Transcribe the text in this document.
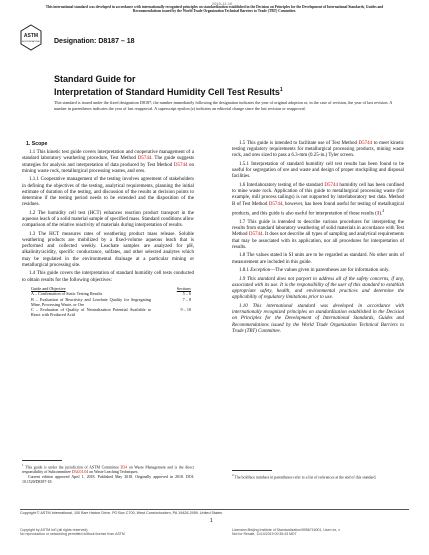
2019-11-10
This international standard was developed in accordance with internationally recognized principles on standardization established in the Decision on Principles for the Development of International Standards, Guides and Recommendations issued by the World Trade Organization Technical Barriers to Trade (TBT) Committee.
ASTM
ASTM INTERNATIONAL Designation: D8187 – 18
Standard Guide for
Interpretation of Standard Humidity Cell Test Results$^1$
This standard is issued under the fixed designation D8187; the number immediately following the designation indicates the year of original adoption or, in the case of revision, the year of last revision. A number in parentheses indicates the year of last reapproval. A superscript epsilon (ε) indicates an editorial change since the last revision or reapproval.

1. Scope

1.1 This kinetic test guide covers interpretation and cooperative management of a standard laboratory weathering procedure, Test Method D5744. The guide suggests strategies for analysis and interpretation of data produced by Test Method D5744 on mining waste rock, metallurgical processing wastes, and ores.

1.1.1 Cooperative management of the testing involves agreement of stakeholders in defining the objectives of the testing, analytical requirements, planning the initial estimate of duration of the testing, and discussion of the results at decision points to determine if the testing period needs to be extended and the disposition of the residues.

1.2 The humidity cell test (HCT) enhances reaction product transport in the aqueous leach of a solid material sample of specified mass. Standard conditions allow comparison of the relative reactivity of materials during interpretation of results.

1.3 The HCT measures rates of weathering product mass release. Soluble weathering products are mobilized by a fixed-volume aqueous leach that is performed and collected weekly. Leachate samples are analyzed for pH, alkalinity/acidity, specific conductance, sulfates, and other selected analytes which may be regulated in the environmental drainage at a particular mining or metallurgical processing site.

1.4 This guide covers the interpretation of standard humidity cell tests conducted to obtain results for the following objectives:

Guide and Objective	Sections
A – Confirmation of Static Testing Results	5 – 6
B – Evaluation of Reactivity and Leachate Quality for Segregating Mine, Processing Waste, or Ore
7 – 8
C – Evaluation of Quality of Neutralization Potential Available to React with Produced Acid
9 – 10
$^1$ This guide is under the jurisdiction of ASTM Committee D34 on Waste Management and is the direct responsibility of Subcommittee D34.01.04 on Waste Leaching Techniques.
Current edition approved April 1, 2018. Published May 2018. Originally approved in 2018. DOI: 10.1520/D8187-18.

1.5 This guide is intended to facilitate use of Test Method D5744 to meet kinetic testing regulatory requirements for metallurgical processing products, mining waste rock, and ores sized to pass a 6.3-mm (0.25-in.) Tyler screen.

1.5.1 Interpretation of standard humidity cell test results has been found to be useful for segregation of ore and waste and design of proper stockpiling and disposal facilities.

1.6 Interlaboratory testing of the standard D5744 humidity cell has been confined to mine waste rock. Application of this guide to metallurgical processing waste (for example, mill process tailings) is not supported by interlaboratory test data. Method B of Test Method D5744, however, has been found useful for testing of metallurgical products, and this guide is also useful for interpretation of those results (1).$^2$

1.7 This guide is intended to describe various procedures for interpreting the results from standard laboratory weathering of solid materials in accordance with Test Method D5744. It does not describe all types of sampling and analytical requirements that may be associated with its application, nor all procedures for interpretation of results.

1.8 The values stated in SI units are to be regarded as standard. No other units of measurement are included in this guide.

1.8.1 Exception—The values given in parentheses are for information only.

1.9 This standard does not purport to address all of the safety concerns, if any, associated with its use. It is the responsibility of the user of this standard to establish appropriate safety, health, and environmental practices and determine the applicability of regulatory limitations prior to use.

1.10 This international standard was developed in accordance with internationally recognized principles on standardization established in the Decision on Principles for the Development of International Standards, Guides and Recommendations issued by the World Trade Organization Technical Barriers to Trade (TBT) Committee.

$^2$ The boldface numbers in parentheses refer to a list of references at the end of this standard.
Copyright © ASTM International, 100 Barr Harbor Drive, PO Box C700, West Conshohocken, PA 19428-2959. United States
1
Copyright by ASTM Int'l (all rights reserved);
No reproduction or networking permitted without license from ASTM
Licensee=Beijing Institute of Standardization/5956716001, User=xx, x
Not for Resale, 11/10/2019 00:35:43 MDT
